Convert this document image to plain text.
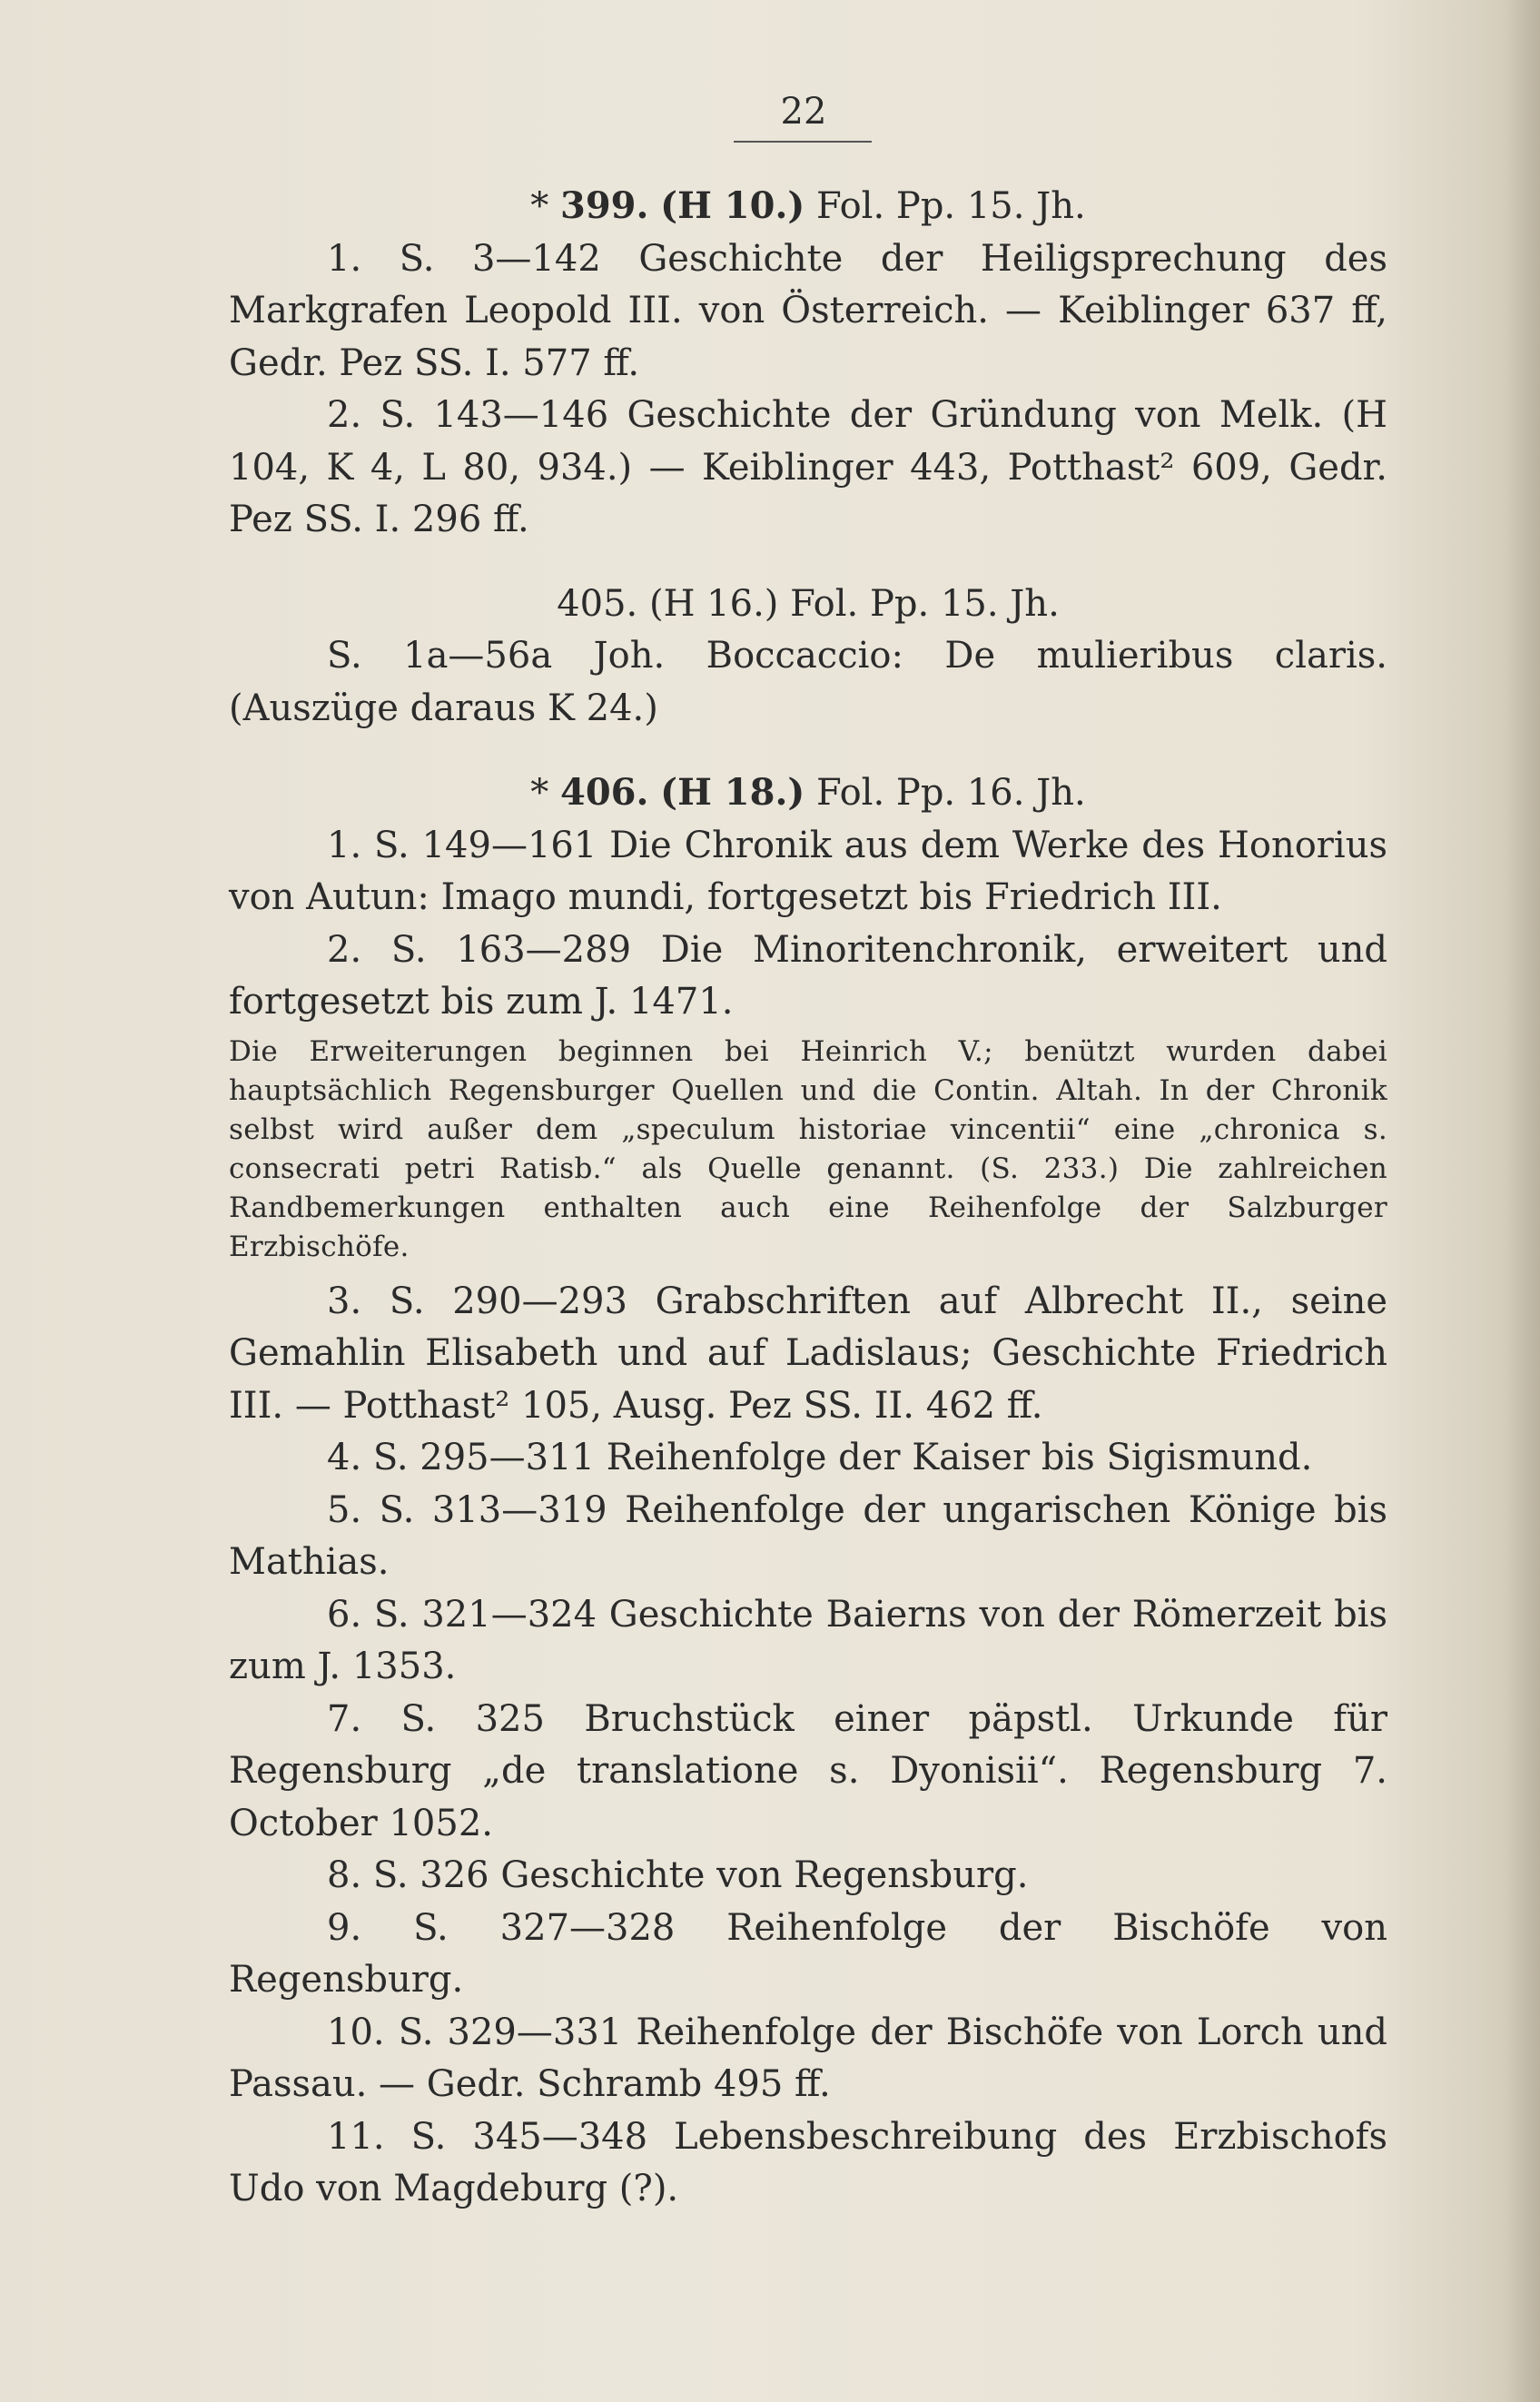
22

* 399. (H 10.) Fol. Pp. 15. Jh.

1. S. 3—142 Geschichte der Heiligsprechung des Markgrafen Leopold III. von Österreich. — Keiblinger 637 ff, Gedr. Pez SS. I. 577 ff.

2. S. 143—146 Geschichte der Gründung von Melk. (H 104, K 4, L 80, 934.) — Keiblinger 443, Potthast² 609, Gedr. Pez SS. I. 296 ff.

405. (H 16.) Fol. Pp. 15. Jh.

S. 1a—56a Joh. Boccaccio: De mulieribus claris. (Auszüge daraus K 24.)

* 406. (H 18.) Fol. Pp. 16. Jh.

1. S. 149—161 Die Chronik aus dem Werke des Honorius von Autun: Imago mundi, fortgesetzt bis Friedrich III.

2. S. 163—289 Die Minoritenchronik, erweitert und fortgesetzt bis zum J. 1471.

Die Erweiterungen beginnen bei Heinrich V.; benützt wurden dabei hauptsächlich Regensburger Quellen und die Contin. Altah. In der Chronik selbst wird außer dem „speculum historiae vincentii“ eine „chronica s. consecrati petri Ratisb.“ als Quelle genannt. (S. 233.) Die zahlreichen Randbemerkungen enthalten auch eine Reihenfolge der Salzburger Erzbischöfe.

3. S. 290—293 Grabschriften auf Albrecht II., seine Gemahlin Elisabeth und auf Ladislaus; Geschichte Friedrich III. — Potthast² 105, Ausg. Pez SS. II. 462 ff.

4. S. 295—311 Reihenfolge der Kaiser bis Sigismund.

5. S. 313—319 Reihenfolge der ungarischen Könige bis Mathias.

6. S. 321—324 Geschichte Baierns von der Römerzeit bis zum J. 1353.

7. S. 325 Bruchstück einer päpstl. Urkunde für Regensburg „de translatione s. Dyonisii“. Regensburg 7. October 1052.

8. S. 326 Geschichte von Regensburg.

9. S. 327—328 Reihenfolge der Bischöfe von Regensburg.

10. S. 329—331 Reihenfolge der Bischöfe von Lorch und Passau. — Gedr. Schramb 495 ff.

11. S. 345—348 Lebensbeschreibung des Erzbischofs Udo von Magdeburg (?).
